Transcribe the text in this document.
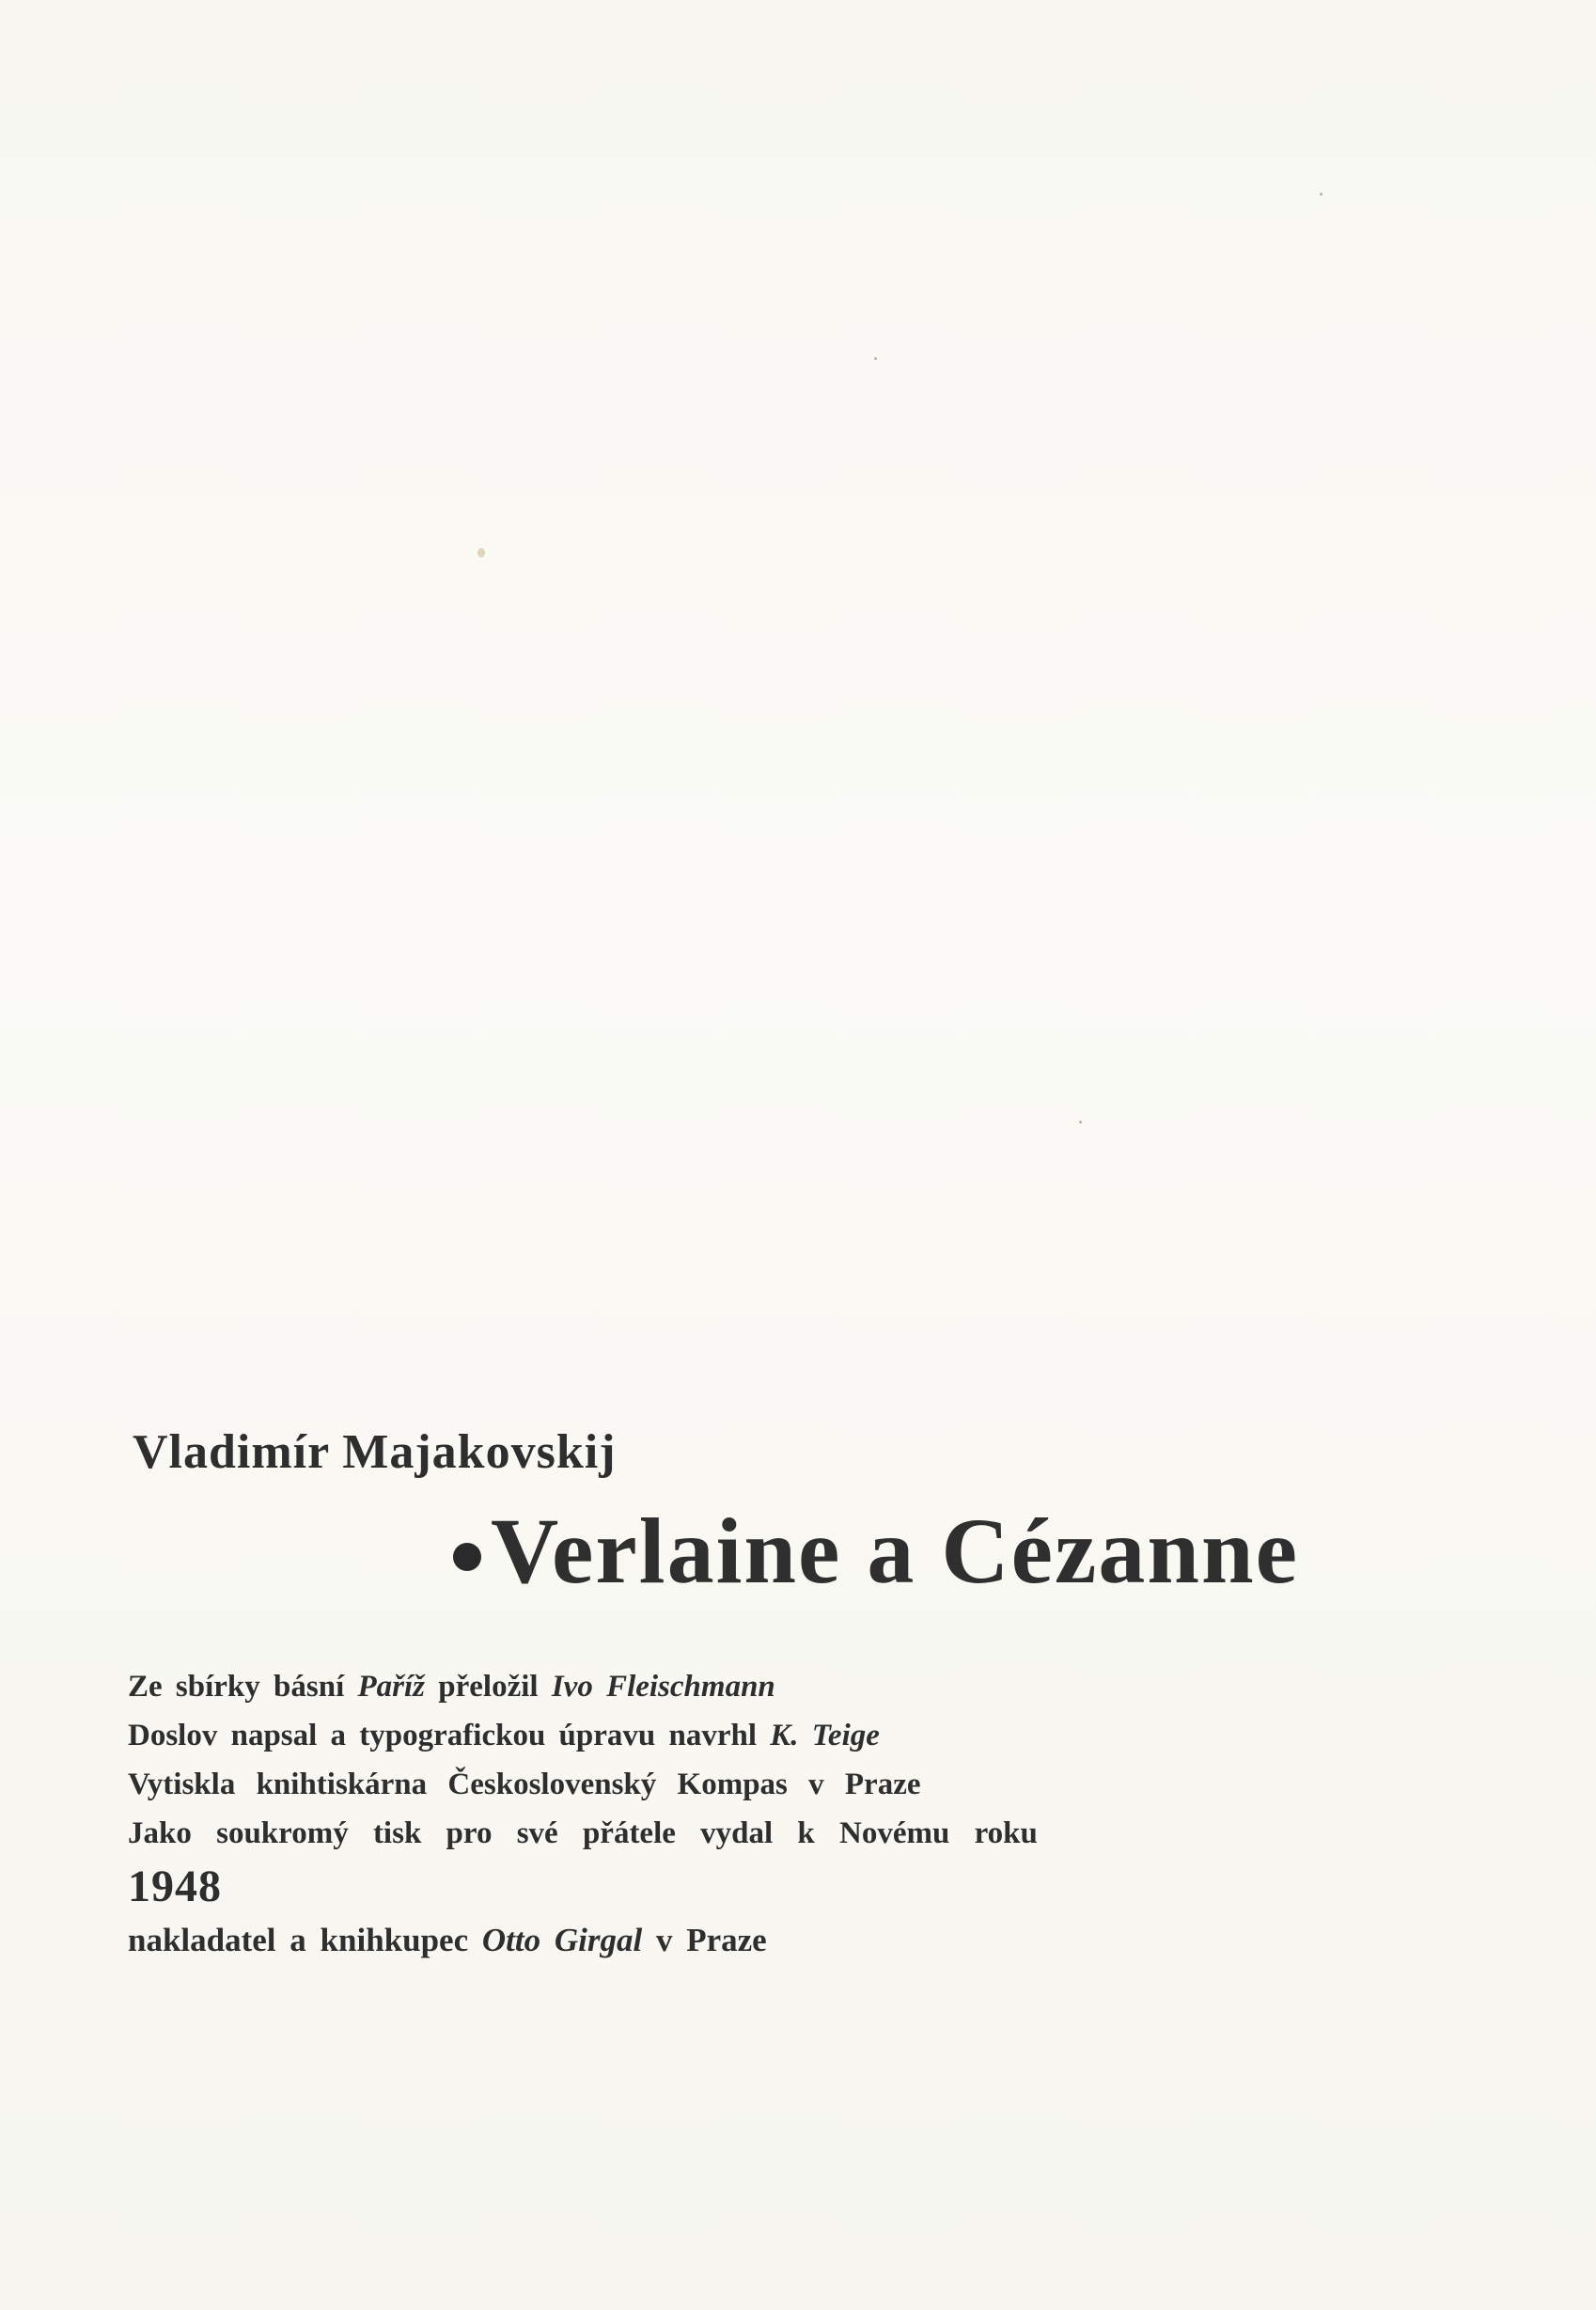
Vladimír Majakovskij
Verlaine a Cézanne
Ze sbírky básní Paříž přeložil Ivo Fleischmann
Doslov napsal a typografickou úpravu navrhl K. Teige
Vytiskla knihtiskárna Československý Kompas v Praze
Jako soukromý tisk pro své přátele vydal k Novému roku
1948
nakladatel a knihkupec Otto Girgal v Praze
